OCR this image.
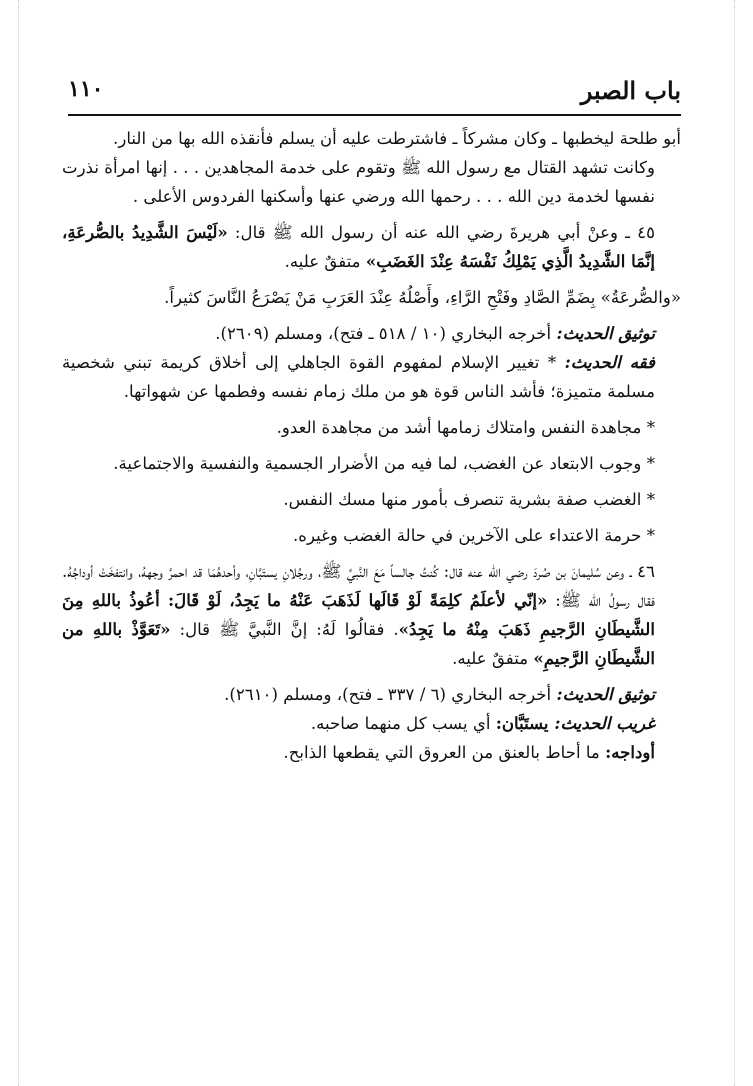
باب الصبر
١١٠

أبو طلحة ليخطبها ـ وكان مشركاً ـ فاشترطت عليه أن يسلم فأنقذه الله بها من النار.

وكانت تشهد القتال مع رسول الله ﷺ وتقوم على خدمة المجاهدين . . . إنها امرأة نذرت نفسها لخدمة دين الله . . . رحمها الله ورضي عنها وأسكنها الفردوس الأعلى .

٤٥ ـ وعنْ أبي هريرةَ رضي الله عنه أن رسول الله ﷺ قال: «لَيْسَ الشَّدِيدُ بالصُّرعَةِ، إنَّمَا الشَّدِيدُ الَّذِي يَمْلِكُ نَفْسَهُ عِنْدَ الغَضَبِ» متفقٌ عليه.

«والصُّرعَةُ» بِضَمِّ الصَّادِ وفَتْحِ الرَّاءِ، وأَصْلُهُ عِنْدَ العَرَبِ مَنْ يَصْرَعُ النَّاسَ كثيراً.

توثيق الحديث: أخرجه البخاري (١٠ / ٥١٨ ـ فتح)، ومسلم (٢٦٠٩).

فقه الحديث: * تغيير الإسلام لمفهوم القوة الجاهلي إلى أخلاق كريمة تبني شخصية مسلمة متميزة؛ فأشد الناس قوة هو من ملك زمام نفسه وفطمها عن شهواتها.

* مجاهدة النفس وامتلاك زمامها أشد من مجاهدة العدو.

* وجوب الابتعاد عن الغضب، لما فيه من الأضرار الجسمية والنفسية والاجتماعية.

* الغضب صفة بشرية تنصرف بأمور منها مسك النفس.

* حرمة الاعتداء على الآخرين في حالة الغضب وغيره.

٤٦ ـ وعن سُليمانَ بن صُردَ رضي الله عنه قال: كُنتُ جالساً مَعَ النَّبيِّ ﷺ، ورجُلانِ يستَبَّانِ، وأحدهُمَا قد احمرَّ وجههُ، وانتفخَتْ أوداجُهُ. فقال رسولُ الله ﷺ: «إنّي لأعلَمُ كلِمَةً لَوْ قَالَها لَذَهَبَ عَنْهُ ما يَجِدُ، لَوْ قَالَ: أعُوذُ باللهِ مِنَ الشَّيطَانِ الرَّجيمِ ذَهَبَ مِنْهُ ما يَجِدُ». فقالُوا لَهُ: إنَّ النَّبيَّ ﷺ قال: «تَعَوَّذْ باللهِ من الشَّيطَانِ الرَّجيمِ» متفقٌ عليه.

توثيق الحديث: أخرجه البخاري (٦ / ٣٣٧ ـ فتح)، ومسلم (٢٦١٠).

غريب الحديث: يستَبَّان: أي يسب كل منهما صاحبه.

أوداجه: ما أحاط بالعنق من العروق التي يقطعها الذابح.
